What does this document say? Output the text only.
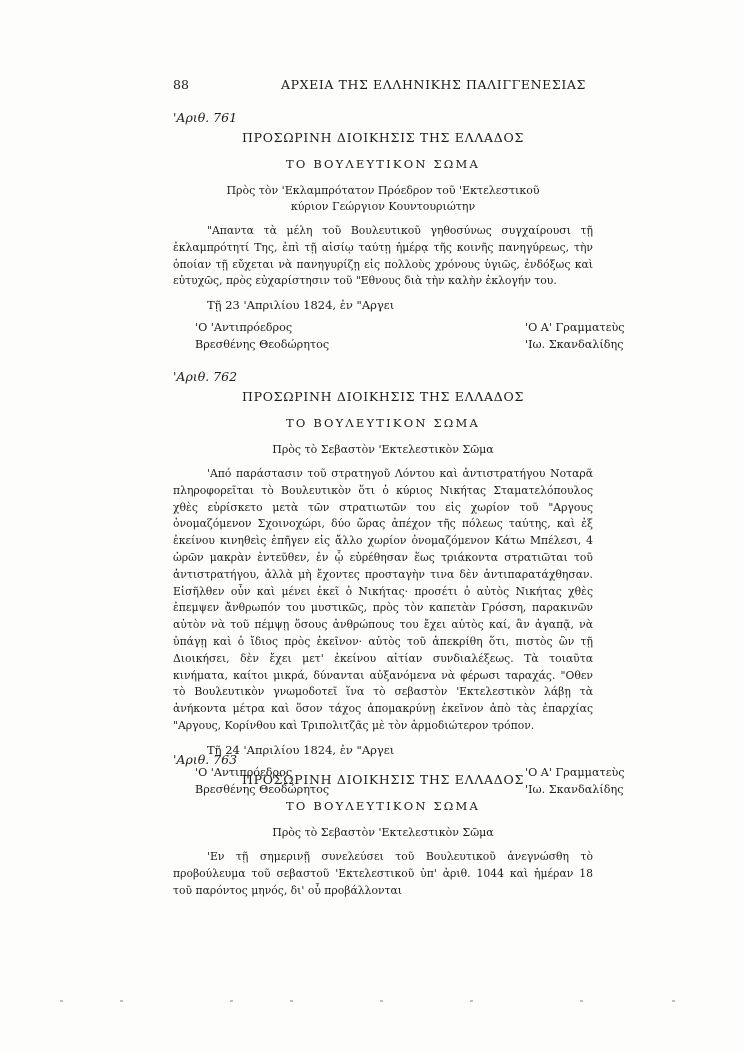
88	ΑΡΧΕΙΑ ΤΗΣ ΕΛΛΗΝΙΚΗΣ ΠΑΛΙΓΓΕΝΕΣΙΑΣ
'Αριθ. 761
ΠΡΟΣΩΡΙΝΗ ΔΙΟΙΚΗΣΙΣ ΤΗΣ ΕΛΛΑΔΟΣ
ΤΟ ΒΟΥΛΕΥΤΙΚΟΝ ΣΩΜΑ
Πρὸς τὸν 'Εκλαμπρότατον Πρόεδρον τοῦ 'Εκτελεστικοῦ
κύριον Γεώργιον Κουντουριώτην
"Απαντα τὰ μέλη τοῦ Βουλευτικοῦ γηθοσύνως συγχαίρουσι τῇ ἐκλαμπρότητί Της, ἐπὶ τῇ αἰσίῳ ταύτῃ ἡμέρᾳ τῆς κοινῆς πανηγύρεως, τὴν ὁποίαν τῇ εὔχεται νὰ πανηγυρίζῃ εἰς πολλοὺς χρόνους ὑγιῶς, ἐνδόξως καὶ εὐτυχῶς, πρὸς εὐχαρίστησιν τοῦ "Εθνους διὰ τὴν καλὴν ἐκλογήν του.
Τῇ 23 'Απριλίου 1824, ἐν "Αργει
'Ο 'Αντιπρόεδρος
Βρεσθένης Θεοδώρητος
'Ο Α' Γραμματεὺς
'Ιω. Σκανδαλίδης
'Αριθ. 762
ΠΡΟΣΩΡΙΝΗ ΔΙΟΙΚΗΣΙΣ ΤΗΣ ΕΛΛΑΔΟΣ
ΤΟ ΒΟΥΛΕΥΤΙΚΟΝ ΣΩΜΑ
Πρὸς τὸ Σεβαστὸν 'Εκτελεστικὸν Σῶμα
'Από παράστασιν τοῦ στρατηγοῦ Λόντου καὶ ἀντιστρατήγου Νοταρᾶ πληροφορεῖται τὸ Βουλευτικὸν ὅτι ὁ κύριος Νικήτας Σταματελόπουλος χθὲς εὑρίσκετο μετὰ τῶν στρατιωτῶν του εἰς χωρίον τοῦ "Αργους ὀνομαζόμενον Σχοινοχώρι, δύο ὥρας ἀπέχον τῆς πόλεως ταύτης, καὶ ἐξ ἐκείνου κινηθεὶς ἐπῆγεν εἰς ἄλλο χωρίον ὀνομαζόμενον Κάτω Μπέλεσι, 4 ὡρῶν μακρὰν ἐντεῦθεν, ἐν ᾧ εὑρέθησαν ἕως τριάκοντα στρατιῶται τοῦ ἀντιστρατήγου, ἀλλὰ μὴ ἔχοντες προσταγὴν τινα δὲν ἀντιπαρατάχθησαν. Εἰσῆλθεν οὖν καὶ μένει ἐκεῖ ὁ Νικήτας· προσέτι ὁ αὐτὸς Νικήτας χθὲς ἐπεμψεν ἄνθρωπόν του μυστικῶς, πρὸς τὸν καπετὰν Γρόσση, παρακινῶν αὐτὸν νὰ τοῦ πέμψῃ ὅσους ἀνθρώπους του ἔχει αὐτὸς καί, ἂν ἀγαπᾷ, νὰ ὑπάγῃ καὶ ὁ ἴδιος πρὸς ἐκεῖνον· αὐτὸς τοῦ ἀπεκρίθη ὅτι, πιστὸς ὢν τῇ Διοικήσει, δὲν ἔχει μετ' ἐκείνου αἰτίαν συνδιαλέξεως. Τὰ τοιαῦτα κινήματα, καίτοι μικρά, δύνανται αὐξανόμενα νὰ φέρωσι ταραχάς. "Οθεν τὸ Βουλευτικὸν γνωμοδοτεῖ ἵνα τὸ σεβαστὸν 'Εκτελεστικὸν λάβῃ τὰ ἀνήκοντα μέτρα καὶ ὅσον τάχος ἀπομακρύνῃ ἐκεῖνον ἀπὸ τὰς ἐπαρχίας "Αργους, Κορίνθου καὶ Τριπολιτζᾶς μὲ τὸν ἁρμοδιώτερον τρόπον.
Τῇ 24 'Απριλίου 1824, ἐν "Αργει
'Ο 'Αντιπρόεδρος
Βρεσθένης Θεοδώρητος
'Ο Α' Γραμματεὺς
'Ιω. Σκανδαλίδης
'Αριθ. 763
ΠΡΟΣΩΡΙΝΗ ΔΙΟΙΚΗΣΙΣ ΤΗΣ ΕΛΛΑΔΟΣ
ΤΟ ΒΟΥΛΕΥΤΙΚΟΝ ΣΩΜΑ
Πρὸς τὸ Σεβαστὸν 'Εκτελεστικὸν Σῶμα
'Εν τῇ σημερινῇ συνελεύσει τοῦ Βουλευτικοῦ ἀνεγνώσθη τὸ προβούλευμα τοῦ σεβαστοῦ 'Εκτελεστικοῦ ὑπ' ἀριθ. 1044 καὶ ἡμέραν 18 τοῦ παρόντος μηνός, δι' οὗ προβάλλονται
